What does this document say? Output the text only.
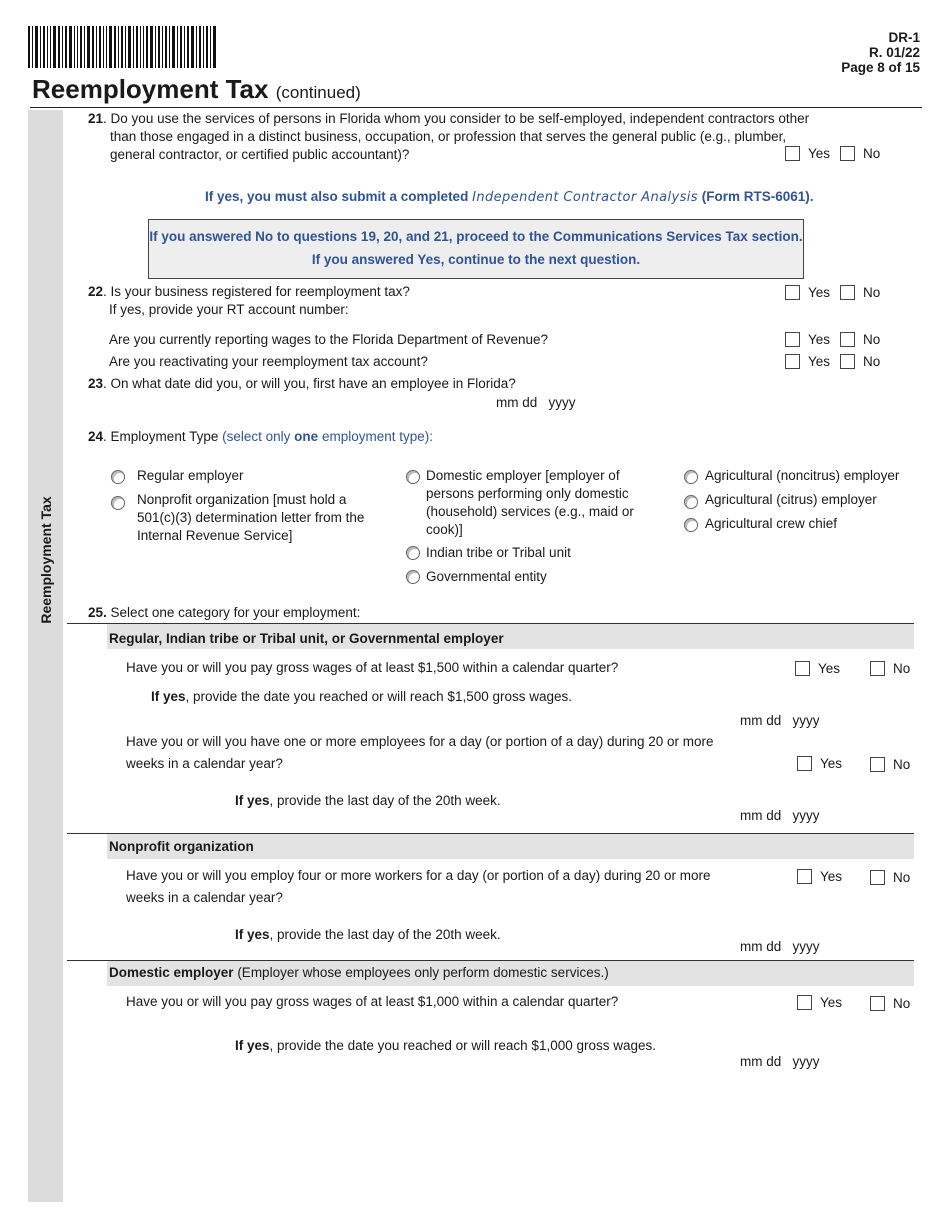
DR-1
R. 01/22
Page 8 of 15
Reemployment Tax (continued)
Reemployment Tax
21. Do you use the services of persons in Florida whom you consider to be self-employed, independent contractors other
than those engaged in a distinct business, occupation, or profession that serves the general public (e.g., plumber,
general contractor, or certified public accountant)?	Yes No
If yes, you must also submit a completed Independent Contractor Analysis (Form RTS-6061).
If you answered No to questions 19, 20, and 21, proceed to the Communications Services Tax section.
If you answered Yes, continue to the next question.
22. Is your business registered for reemployment tax?
If yes, provide your RT account number:
Yes No
Are you currently reporting wages to the Florida Department of Revenue?	Yes No
Are you reactivating your reemployment tax account?	Yes No
23. On what date did you, or will you, first have an employee in Florida?
mm dd yyyy
24. Employment Type (select only one employment type):
Regular employer
Nonprofit organization [must hold a 501(c)(3) determination letter from the Internal Revenue Service]
Domestic employer [employer of persons performing only domestic (household) services (e.g., maid or cook)]
Indian tribe or Tribal unit
Governmental entity
Agricultural (noncitrus) employer
Agricultural (citrus) employer
Agricultural crew chief
25. Select one category for your employment:
Regular, Indian tribe or Tribal unit, or Governmental employer
Have you or will you pay gross wages of at least $1,500 within a calendar quarter?	Yes	No
If yes, provide the date you reached or will reach $1,500 gross wages.
mm dd yyyy
Have you or will you have one or more employees for a day (or portion of a day) during 20 or more
weeks in a calendar year?	Yes	No
If yes, provide the last day of the 20th week.
mm dd yyyy
Nonprofit organization
Have you or will you employ four or more workers for a day (or portion of a day) during 20 or more
weeks in a calendar year?
Yes	No
If yes, provide the last day of the 20th week.
mm dd yyyy
Domestic employer (Employer whose employees only perform domestic services.)
Have you or will you pay gross wages of at least $1,000 within a calendar quarter?	Yes	No
If yes, provide the date you reached or will reach $1,000 gross wages.
mm dd yyyy
